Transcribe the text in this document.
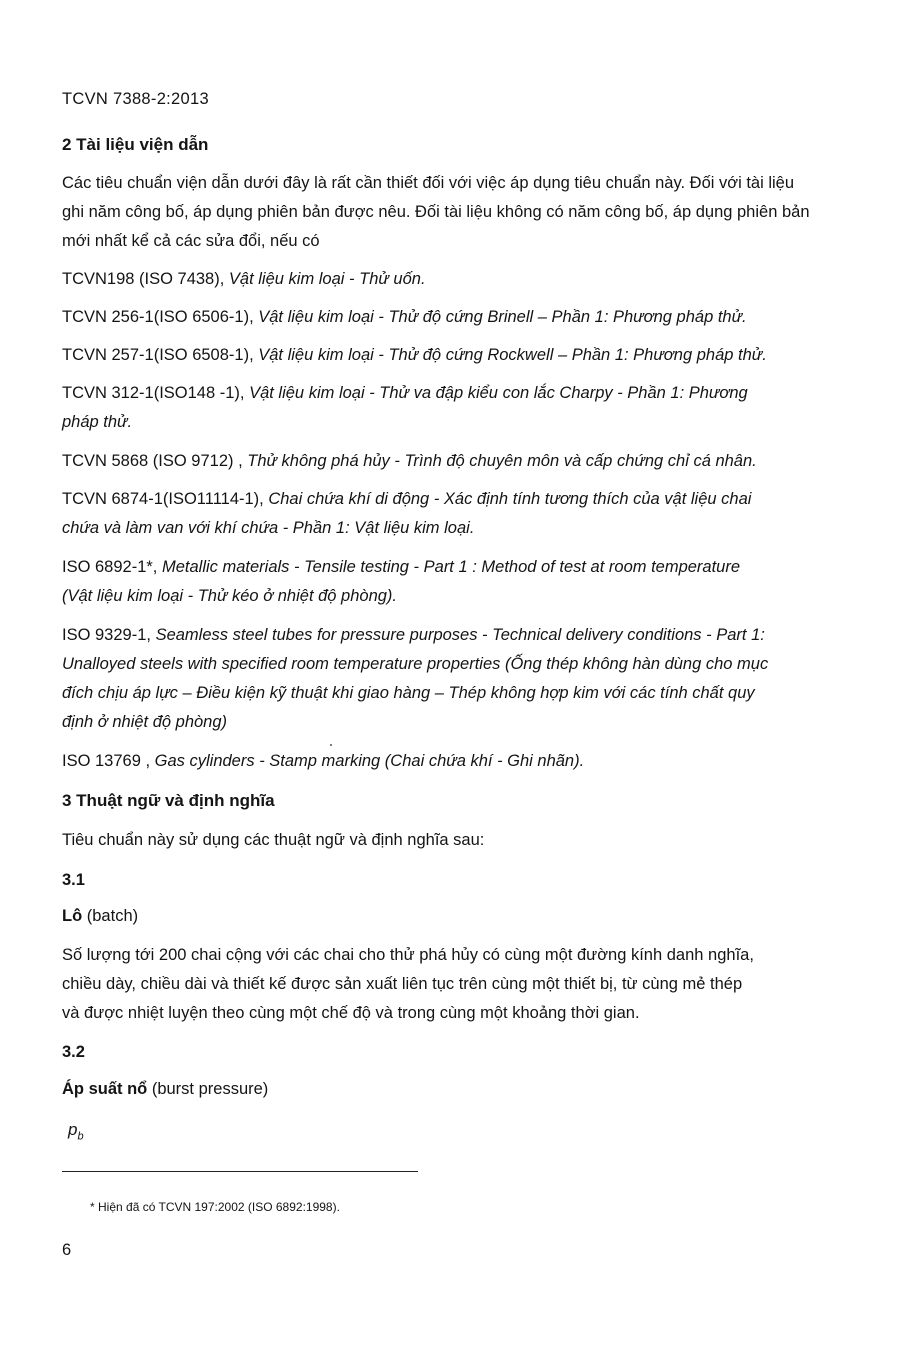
TCVN 7388-2:2013
2 Tài liệu viện dẫn
Các tiêu chuẩn viện dẫn dưới đây là rất cần thiết đối với việc áp dụng tiêu chuẩn này. Đối với tài liệu
ghi năm công bố, áp dụng phiên bản được nêu. Đối tài liệu không có năm công bố, áp dụng phiên bản
mới nhất kể cả các sửa đổi, nếu có
TCVN198 (ISO 7438), Vật liệu kim loại - Thử uốn.
TCVN 256-1(ISO 6506-1), Vật liệu kim loại - Thử độ cứng Brinell – Phần 1: Phương pháp thử.
TCVN 257-1(ISO 6508-1), Vật liệu kim loại - Thử độ cứng Rockwell – Phần 1: Phương pháp thử.
TCVN 312-1(ISO148 -1), Vật liệu kim loại - Thử va đập kiểu con lắc Charpy - Phần 1: Phương
pháp thử.
TCVN 5868 (ISO 9712) , Thử không phá hủy - Trình độ chuyên môn và cấp chứng chỉ cá nhân.
TCVN 6874-1(ISO11114-1), Chai chứa khí di động - Xác định tính tương thích của vật liệu chai
chứa và làm van với khí chứa - Phần 1: Vật liệu kim loại.
ISO 6892-1*, Metallic materials - Tensile testing - Part 1 : Method of test at room temperature
(Vật liệu kim loại - Thử kéo ở nhiệt độ phòng).
ISO 9329-1, Seamless steel tubes for pressure purposes - Technical delivery conditions - Part 1:
Unalloyed steels with specified room temperature properties (Ống thép không hàn dùng cho mục
đích chịu áp lực – Điều kiện kỹ thuật khi giao hàng – Thép không hợp kim với các tính chất quy
định ở nhiệt độ phòng)
ISO 13769 , Gas cylinders - Stamp marking (Chai chứa khí - Ghi nhãn).
3 Thuật ngữ và định nghĩa
Tiêu chuẩn này sử dụng các thuật ngữ và định nghĩa sau:
3.1
Lô (batch)
Số lượng tới 200 chai cộng với các chai cho thử phá hủy có cùng một đường kính danh nghĩa,
chiều dày, chiều dài và thiết kế được sản xuất liên tục trên cùng một thiết bị, từ cùng mẻ thép
và được nhiệt luyện theo cùng một chế độ và trong cùng một khoảng thời gian.
3.2
Áp suất nổ (burst pressure)
$p_b$
* Hiện đã có TCVN 197:2002 (ISO 6892:1998).
6
